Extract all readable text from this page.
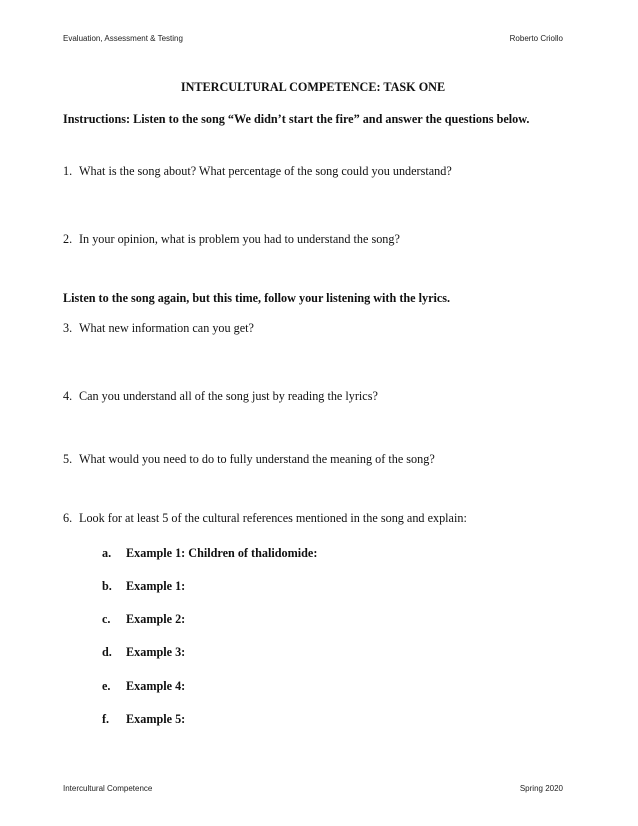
Evaluation, Assessment & Testing	Roberto Criollo

INTERCULTURAL COMPETENCE: TASK ONE

Instructions: Listen to the song “We didn’t start the fire” and answer the questions below.

1. What is the song about? What percentage of the song could you understand?
2. In your opinion, what is problem you had to understand the song?

Listen to the song again, but this time, follow your listening with the lyrics.

3. What new information can you get?
4. Can you understand all of the song just by reading the lyrics?
5. What would you need to do to fully understand the meaning of the song?
6. Look for at least 5 of the cultural references mentioned in the song and explain:
a.	Example 1: Children of thalidomide:
b.	Example 1:
c.	Example 2:
d.	Example 3:
e.	Example 4:
f.	Example 5:
Intercultural Competence	Spring 2020
